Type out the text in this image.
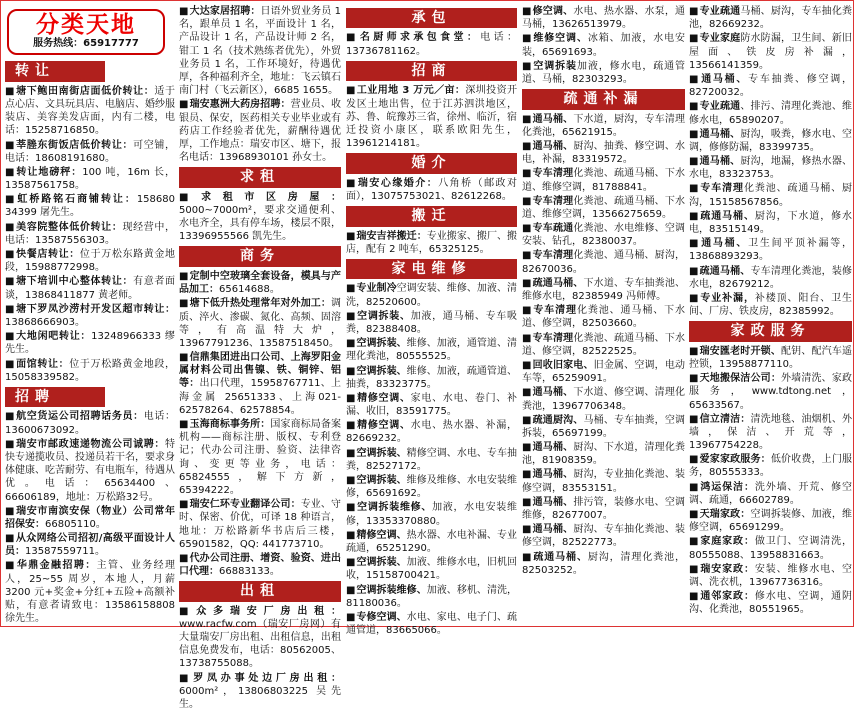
分类天地
服务热线：65917777
转让
■塘下鲍田南街店面低价转让：适于点心店、文具玩具店、电脑店、婚纱服装店、美容美发店面，内有二楼，电话：15258716850。
■莘塍东街饭店低价转让：可空铺，电话：18608191680。
■转让地磅秤：100 吨，16m 长，13587561758。
■虹桥路铭石商铺转让：158680 34399 屠先生。
■美容院整体低价转让：现经营中，电话：13587556303。
■快餐店转让：位于万松东路黄金地段，15988772998。
■塘下培训中心整体转让：有意者面谈，13868411877 黄老师。
■塘下罗凤沙涝村开发区超市转让：13868666903。
■大地闲吧转让：13248966333 缪先生。
■面馆转让：位于万松路黄金地段，15058339582。
招聘
■航空货运公司招聘话务员：电话：13600673092。
■瑞安市邮政速递物流公司诚聘：特快专递揽收员、投递员若干名，要求身体健康、吃苦耐劳、有电瓶车，待遇从优。电话：65634400、66606189，地址：万松路32号。
■瑞安市南滨安保（物业）公司常年招保安：66805110。
■从众网络公司招初/高级平面设计人员：13587559711。
■华鼎金融招聘：主管、业务经理人，25~55 周岁，本地人，月薪 3200 元+奖金+分红+五险+高额补贴，有意者请致电：13586158808 徐先生。
■大达家居招聘：日语外贸业务员 1 名，跟单员 1 名，平面设计 1 名，产品设计 1 名，产品设计师 2 名，钳工 1 名（技术熟练者优先），外贸业务员 1 名，工作环境好，待遇优厚，各种福利齐全，地址：飞云镇石南门村（飞云新区），6685 1655。
■瑞安惠洲大药房招聘：营业员、收银员、保安，医药相关专业毕业或有药店工作经验者优先，薪酬待遇优厚，工作地点：瑞安市区、塘下，报名电话：13968930101 孙女士。
求租
■求租市区房屋：5000~7000m²，要求交通便利、水电齐全，具有停车场，楼层不限，13396955566 凯先生。
商务
■定制中空玻璃全套设备，模具与产品加工：65614688。
■塘下低升热处理常年对外加工：调质、淬火、渗碳、氮化、高频、固溶等，有高温特大炉，13967791236、13587518450。
■信鼎集团进出口公司、上海罗阳金属材料公司出售镍、铁、铜锌、铝等：出口代理，15958767711、上海金属 25651333、上海021-62578264、62578854。
■玉海商标事务所：国家商标局备案机构——商标注册、版权、专利登记；代办公司注册、验资、法律咨询、变更等业务，电话：65824555，解下方新，65394222。
■瑞安仁环专业翻译公司：专业、守时、保密、价优，可译 18 种语言，地址：万松路新华书店后三楼，65901582，QQ: 441773710。
■代办公司注册、增资、验资、进出口代理：66883133。
出租
■众多瑞安厂房出租：www.racfw.com（瑞安厂房网）有大量瑞安厂房出租、出租信息，出租信息免费发布，电话：80562005、13738755088。
■罗凤办事处边厂房出租：6000m²，13806803225 吴先生。
承包
■名厨师求承包食堂：电话：13736781162。
招商
■工业用地 3 万元／亩：深圳投资开发区土地出售，位于江苏泗洪地区，苏、鲁、皖豫苏三省，徐州、临沂，宿迁投资小康区，联系欧阳先生，13961214181。
婚介
■瑞安心缘婚介：八角桥（邮政对面），13075753021、82612268。
搬迁
■瑞安吉祥搬迁：专业搬家、搬厂、搬店，配有 2 吨车，65325125。
家电维修
■专业制冷空调安装、维修、加液、清洗，82520600。
■空调拆装、加液，通马桶、专车吸粪，82388408。
■空调拆装、维修、加液，通管道、清理化粪池，80555525。
■空调拆装、维修、加液，疏通管道、抽粪，83323775。
■精修空调、家电、水电、卷门、补漏、收旧，83591775。
■精修空调、水电、热水器、补漏，82669232。
■空调拆装、精修空调、水电、专车抽粪，82527172。
■空调拆装、维修及维修、水电安装维修，65691692。
■空调拆装维修、加液，水电安装维修，13353370880。
■精修空调、热水器、水电补漏、专业疏通，65251290。
■空调拆装、加液、维修水电，旧机回收，15158700421。
■空调拆装维修、加液、移机、清洗，81180036。
■专修空调、水电、家电、电子门、疏通管道，83665066。
■修空调、水电、热水器、水泵，通马桶，13626513979。
■维修空调、冰箱、加液，水电安装，65691693。
■空调拆装加液，修水电，疏通管道、马桶，82303293。
疏通补漏
■通马桶、下水道，厨沟，专车清理化粪池，65621915。
■通马桶、厨沟、抽粪、修空调、水电，补漏，83319572。
■专车清理化粪池、疏通马桶、下水道、维修空调，81788841。
■专车清理化粪池、疏通马桶、下水道、维修空调，13566275659。
■专车疏通化粪池、水电维修、空调安装、钻孔，82380037。
■专车清理化粪池、通马桶、厨沟，82670036。
■疏通马桶、下水道、专车抽粪池、维修水电，82385949 冯师傅。
■专车清理化粪池、通马桶、下水道、修空调，82503660。
■专车清理化粪池、疏通马桶、下水道、修空调，82522525。
■回收旧家电、旧金属、空调，电动车等，65259091。
■通马桶、下水道、修空调、清理化粪池，13967706348。
■疏通厨沟、马桶、专车抽粪，空调拆装，65697199。
■通马桶、厨沟、下水道，清理化粪池，81908359。
■通马桶、厨沟，专业抽化粪池、装修空调，83553151。
■通马桶、排污管，装修水电、空调维修，82677007。
■通马桶、厨沟、专车抽化粪池、装修空调，82522773。
■疏通马桶、厨沟，清理化粪池，82503252。
■专业疏通马桶、厨沟，专车抽化粪池，82669232。
■专业家庭防水防漏，卫生间、新旧屋面、铁皮房补漏，13566141359。
■通马桶、专车抽粪、修空调，82720032。
■专业疏通、排污、清理化粪池、维修水电，65890207。
■通马桶、厨沟，吸粪，修水电、空调，修修防漏，83399735。
■通马桶、厨沟，地漏，修热水器、水电，83323753。
■专车清理化粪池、疏通马桶、厨沟，15158567856。
■疏通马桶、厨沟，下水道，修水电，83515149。
■通马桶、卫生间平顶补漏等，13868893293。
■疏通马桶、专车清理化粪池，装修水电，82679212。
■专业补漏，补楼顶、阳台、卫生间、厂房、铁皮房，82385992。
家政服务
■瑞安匯老时开锁、配钥、配汽车遥控锁，13958877110。
■天地搬保洁公司：外墙清洗、家政服务，www.tdtong.net，65633567。
■信立清洁：清洗地毯、油烟机、外墙，保洁、开荒等，13967754228。
■爱家家政服务：低价收费，上门服务，80555333。
■鸿运保洁：洗外墙、开荒、修空调、疏通，66602789。
■天瑞家政：空调拆装修、加液，维修空调，65691299。
■家庭家政：做卫门、空调清洗，80555088、13958831663。
■瑞安家政：安装、维修水电、空调、洗衣机，13967736316。
■通邻家政：修水电、空调，通阴沟、化粪池，80551965。
